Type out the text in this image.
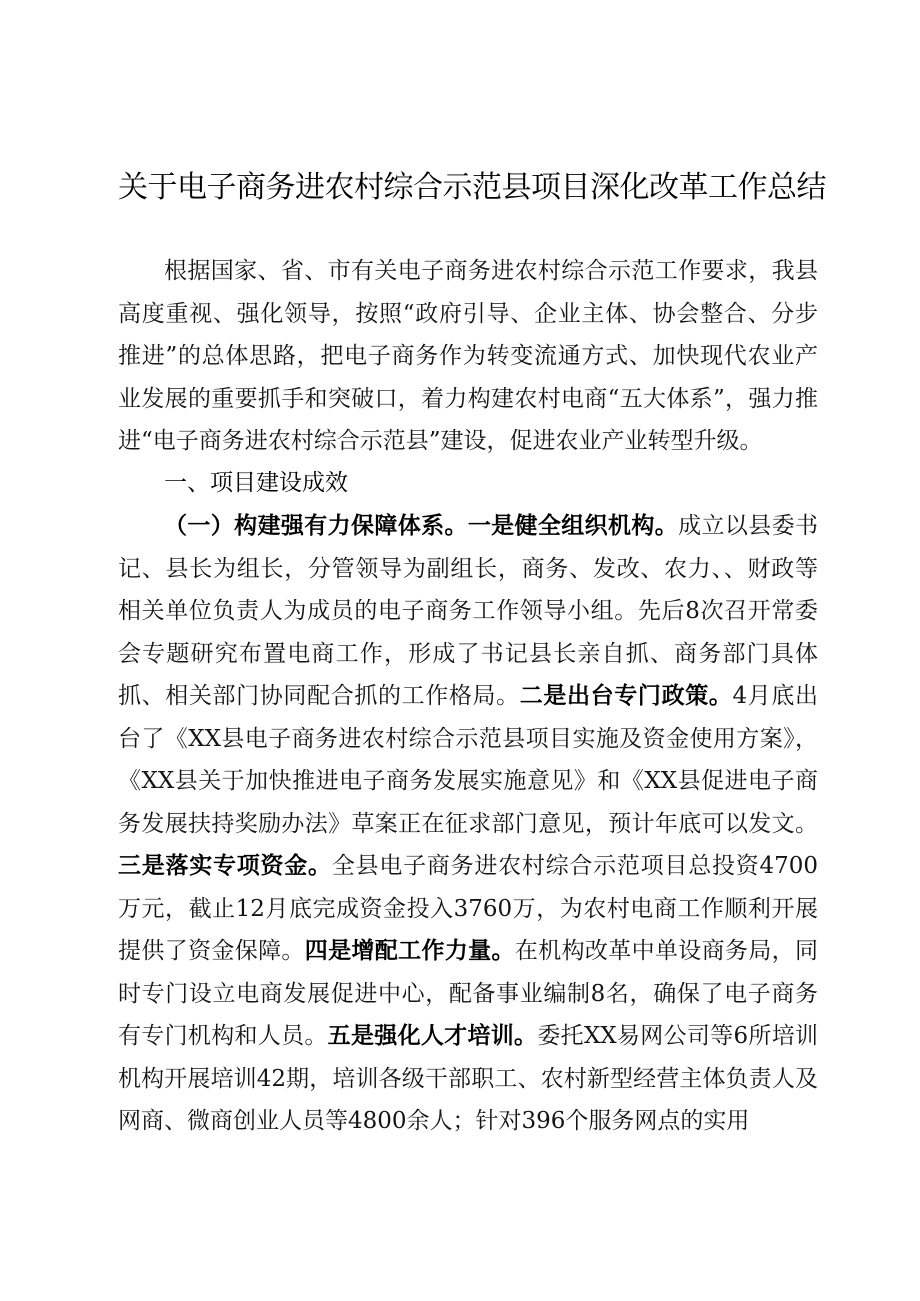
关于电子商务进农村综合示范县项目深化改革工作总结
根据国家、省、市有关电子商务进农村综合示范工作要求，我县高度重视、强化领导，按照“政府引导、企业主体、协会整合、分步推进”的总体思路，把电子商务作为转变流通方式、加快现代农业产业发展的重要抓手和突破口，着力构建农村电商“五大体系”，强力推进“电子商务进农村综合示范县”建设，促进农业产业转型升级。
一、项目建设成效
（一）构建强有力保障体系。一是健全组织机构。成立以县委书记、县长为组长，分管领导为副组长，商务、发改、农力、、财政等相关单位负责人为成员的电子商务工作领导小组。先后8次召开常委会专题研究布置电商工作，形成了书记县长亲自抓、商务部门具体抓、相关部门协同配合抓的工作格局。二是出台专门政策。4月底出台了《XX县电子商务进农村综合示范县项目实施及资金使用方案》，《XX县关于加快推进电子商务发展实施意见》和《XX县促进电子商务发展扶持奖励办法》草案正在征求部门意见，预计年底可以发文。三是落实专项资金。全县电子商务进农村综合示范项目总投资4700万元，截止12月底完成资金投入3760万，为农村电商工作顺利开展提供了资金保障。四是增配工作力量。在机构改革中单设商务局，同时专门设立电商发展促进中心，配备事业编制8名，确保了电子商务有专门机构和人员。五是强化人才培训。委托XX易网公司等6所培训机构开展培训42期，培训各级干部职工、农村新型经营主体负责人及网商、微商创业人员等4800余人；针对396个服务网点的实用
